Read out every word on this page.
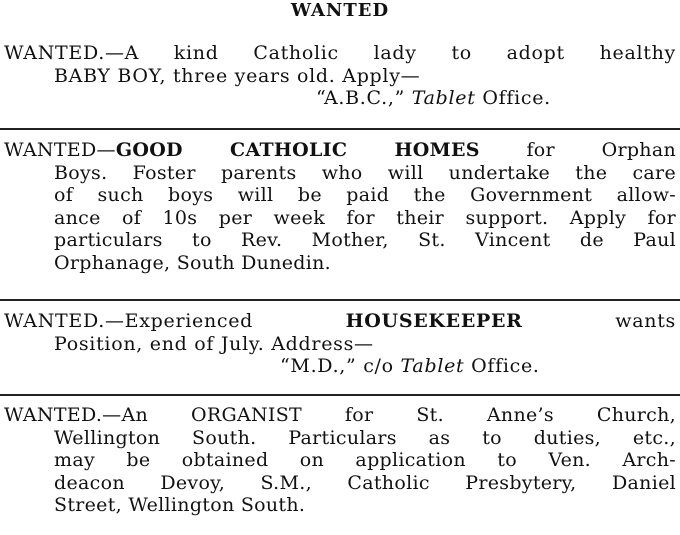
WANTED
WANTED.—A kind Catholic lady to adopt healthy
BABY BOY, three years old. Apply—
“A.B.C.,” Tablet Office.
WANTED—GOOD CATHOLIC HOMES for Orphan
Boys. Foster parents who will undertake the care
of such boys will be paid the Government allow-
ance of 10s per week for their support. Apply for
particulars to Rev. Mother, St. Vincent de Paul
Orphanage, South Dunedin.
WANTED.—Experienced HOUSEKEEPER wants
Position, end of July. Address—
“M.D.,” c/o Tablet Office.
WANTED.—An ORGANIST for St. Anne’s Church,
Wellington South. Particulars as to duties, etc.,
may be obtained on application to Ven. Arch-
deacon Devoy, S.M., Catholic Presbytery, Daniel
Street, Wellington South.
